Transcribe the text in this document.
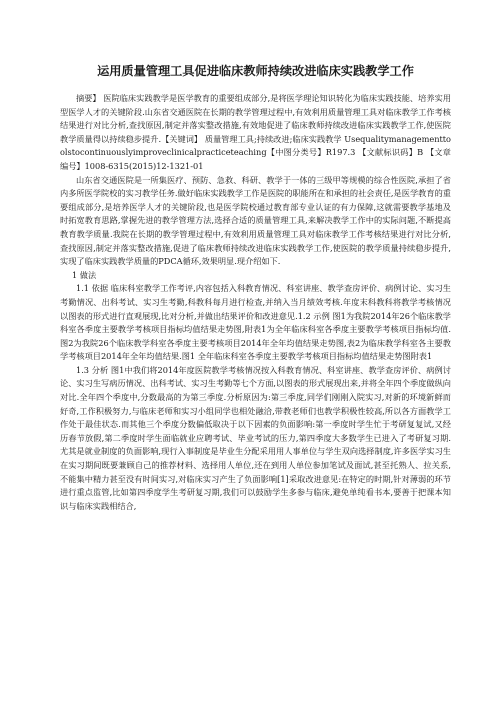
运用质量管理工具促进临床教师持续改进临床实践教学工作

摘要】 医院临床实践教学是医学教育的重要组成部分,是将医学理论知识转化为临床实践技能、培养实用型医学人才的关键阶段.山东省交通医院在长期的教学管理过程中,有效利用质量管理工具对临床教学工作考核结果进行对比分析,查找原因,制定并落实整改措施,有效地促进了临床教师持续改进临床实践教学工作,使医院教学质量得以持续稳步提升.【关键词】 质量管理工具;持续改进;临床实践教学 Usequalitymanagementtoolstocontinuouslyimproveclinicalpracticeteaching【中图分类号】R197.3 【文献标识码】B 【文章编号】1008-6315(2015)12-1321-01

山东省交通医院是一所集医疗、预防、急救、科研、教学于一体的三级甲等规模的综合性医院,承担了省内多所医学院校的实习教学任务.做好临床实践教学工作是医院的职能所在和承担的社会责任,是医学教育的重要组成部分,是培养医学人才的关键阶段,也是医学院校通过教育部专业认证的有力保障,这就需要教学基地及时拓宽教育思路,掌握先进的教学管理方法,选择合适的质量管理工具,来解决教学工作中的实际问题,不断提高教育教学质量.我院在长期的教学管理过程中,有效利用质量管理工具对临床教学工作考核结果进行对比分析,查找原因,制定并落实整改措施,促进了临床教师持续改进临床实践教学工作,使医院的教学质量持续稳步提升,实现了临床实践教学质量的PDCA循环,效果明显.现介绍如下.

1 做法

1.1 依据 临床科室教学工作考评,内容包括入科教育情况、科室讲座、教学查房评价、病例讨论、实习生考勤情况、出科考试、实习生考勤,科教科每月进行检查,并纳入当月绩效考核.年度末科教科将教学考核情况以图表的形式进行直观展现,比对分析,并做出结果评价和改进意见.1.2 示例 图1为我院2014年26个临床教学科室各季度主要教学考核项目指标均值结果走势图,附表1为全年临床科室各季度主要教学考核项目指标均值.图2为我院26个临床教学科室各季度主要考核项目2014年全年均值结果走势图,表2为临床教学科室各主要教学考核项目2014年全年均值结果.图1 全年临床科室各季度主要教学考核项目指标均值结果走势图附表1

1.3 分析 图1中我们将2014年度医院教学考核情况按入科教育情况、科室讲座、教学查房评价、病例讨论、实习生写病历情况、出科考试、实习生考勤等七个方面,以图表的形式展现出来,并将全年四个季度做纵向对比.全年四个季度中,分数最高的为第三季度.分析原因为:第三季度,同学们刚刚入院实习,对新的环境新鲜而好奇,工作积极努力,与临床老师和实习小组同学也相处融洽,带教老师们也教学积极性较高,所以各方面教学工作处于最佳状态.而其他三个季度分数偏低取决于以下因素的负面影响:第一季度时学生忙于考研复复试,又经历春节放假,第二季度时学生面临就业应聘考试、毕业考试的压力,第四季度大多数学生已进入了考研复习期.尤其是就业制度的负面影响,现行入事制度是毕业生分配采用用人事单位与学生双向选择制度,许多医学实习生在实习期间既要兼顾自己的推荐材料、选择用人单位,还在到用人单位参加笔试及面试,甚至托熟人、拉关系,不能集中精力甚至没有时间实习,对临床实习产生了负面影响[1]采取改进意见:在特定的时期,针对薄弱的环节进行重点监管,比如第四季度学生考研复习期,我们可以鼓励学生多参与临床,避免单纯看书本,要善于把课本知识与临床实践相结合,
